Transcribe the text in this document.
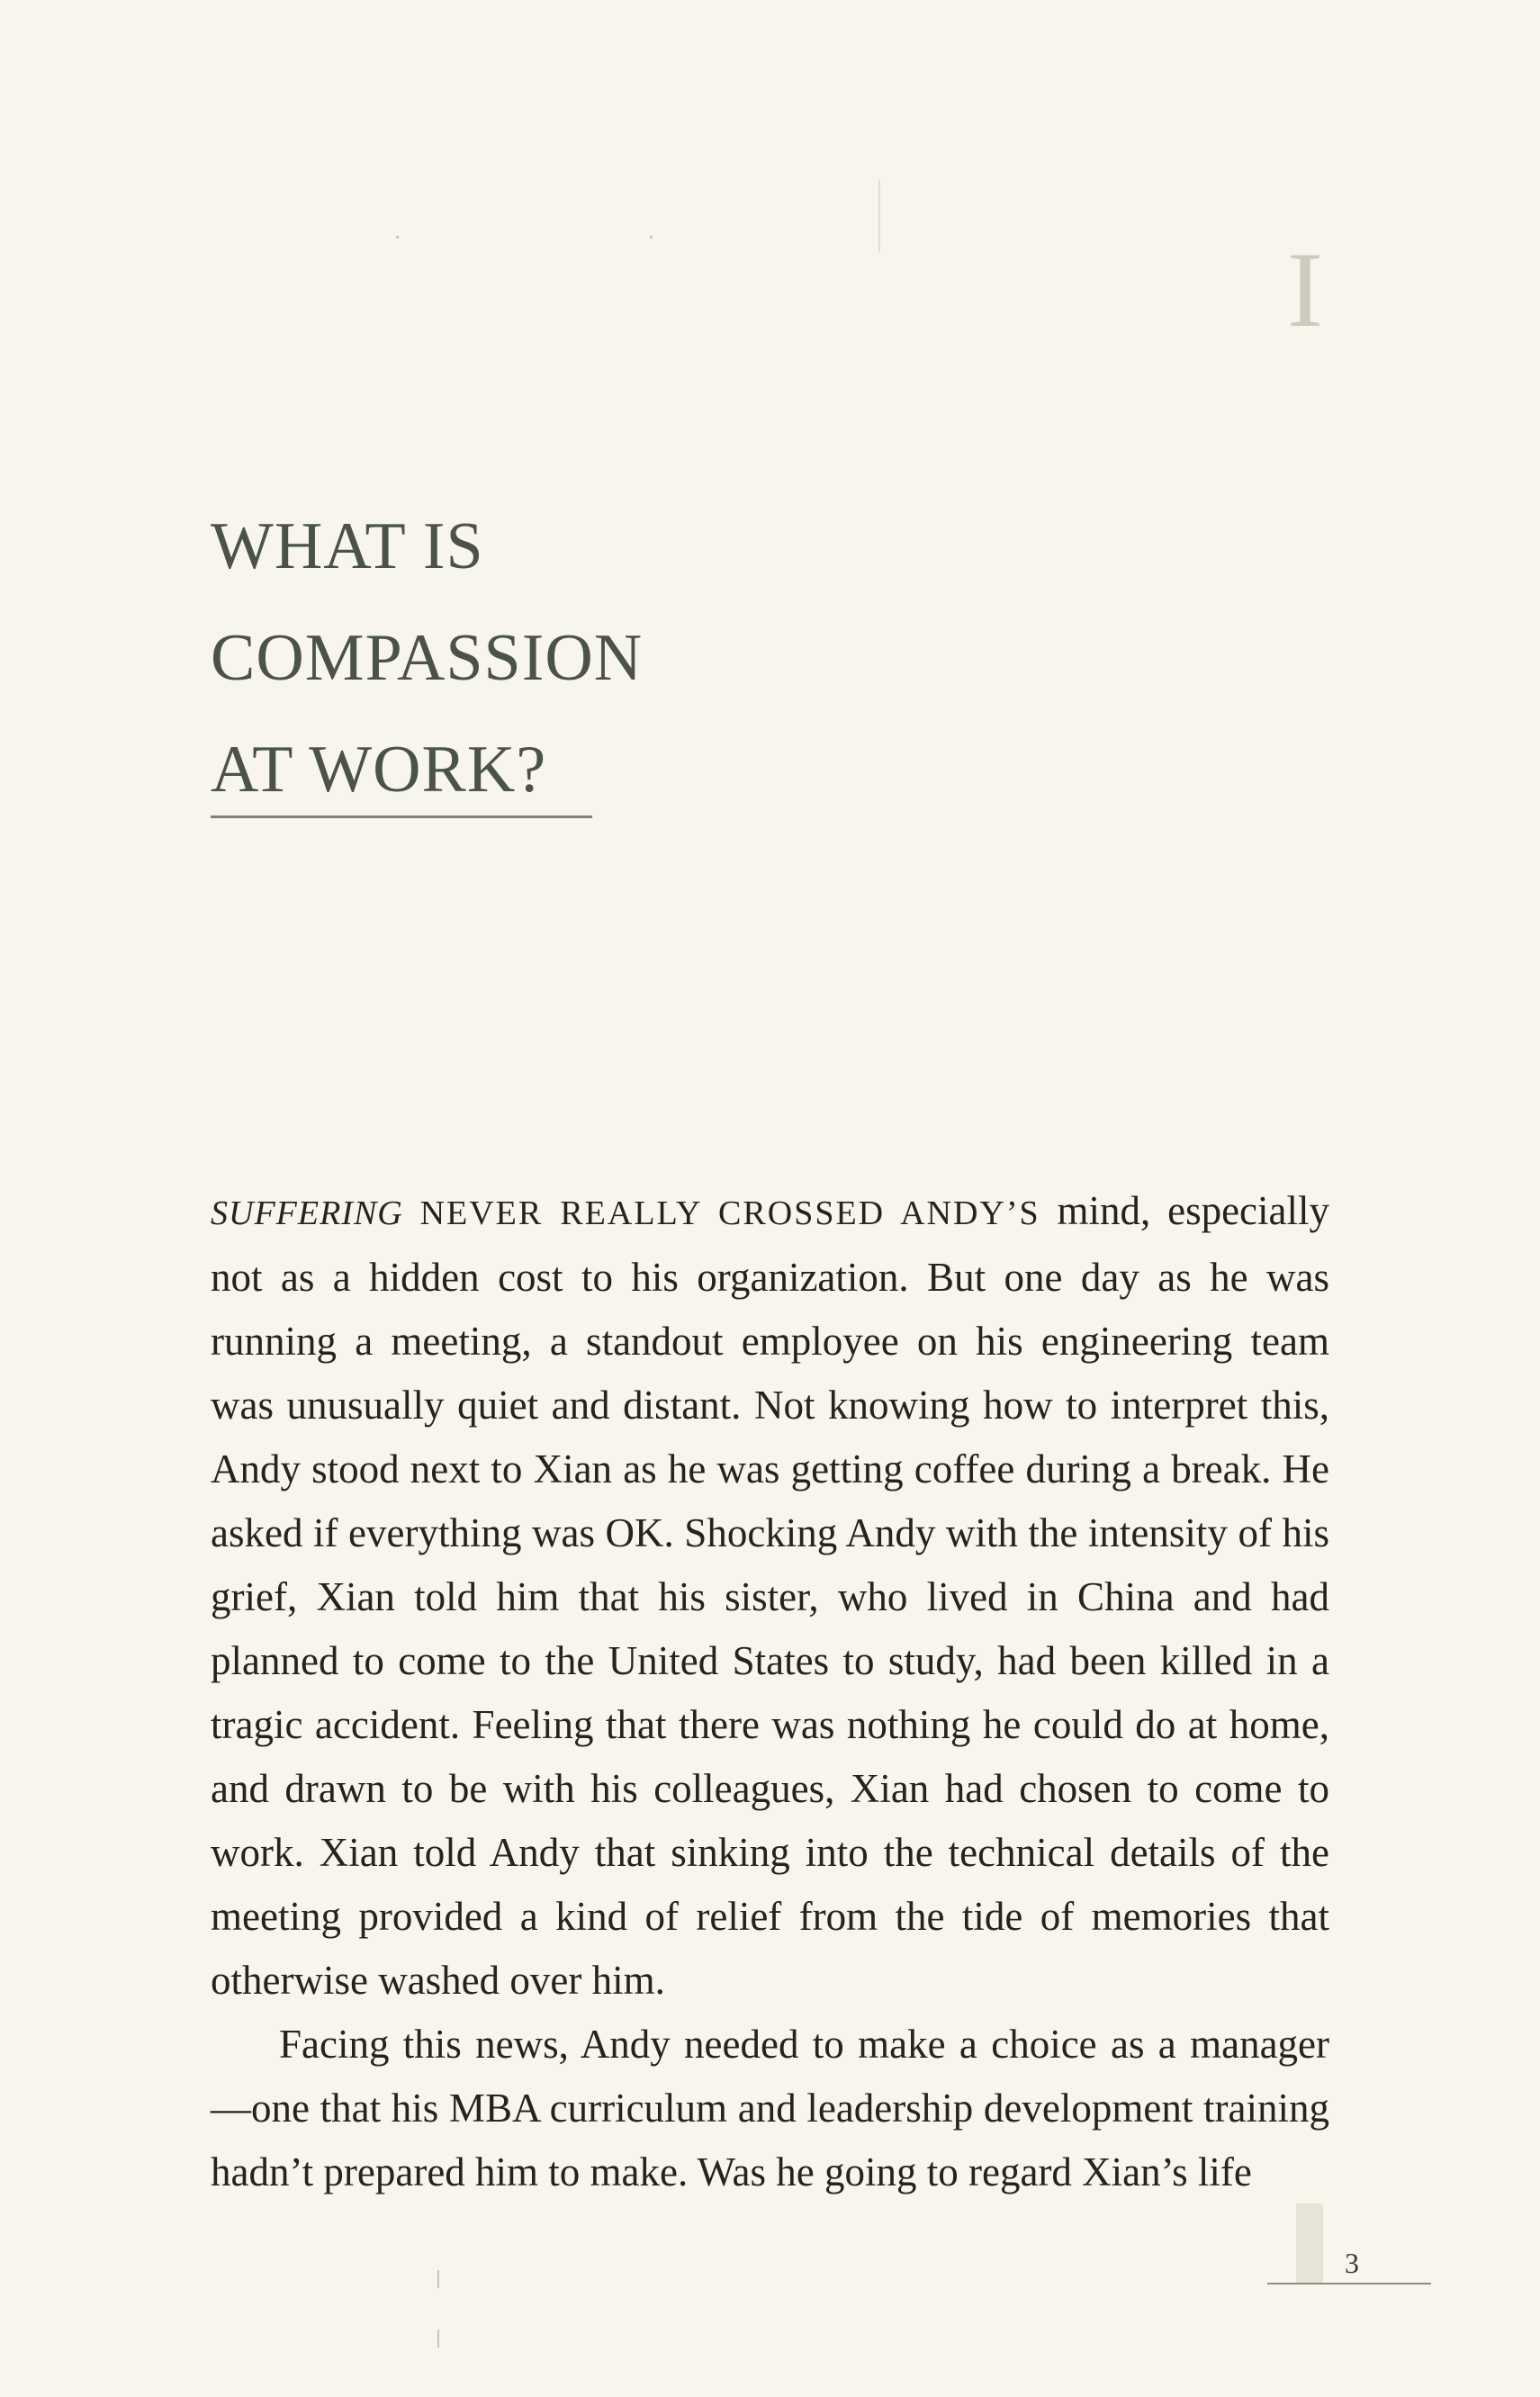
I
WHAT IS
COMPASSION
AT WORK?

SUFFERING NEVER REALLY CROSSED ANDY’S mind, especially not as a hidden cost to his organization. But one day as he was running a meeting, a standout employee on his engineering team was unusually quiet and distant. Not knowing how to interpret this, Andy stood next to Xian as he was getting coffee during a break. He asked if everything was OK. Shocking Andy with the intensity of his grief, Xian told him that his sister, who lived in China and had planned to come to the United States to study, had been killed in a tragic accident. Feeling that there was nothing he could do at home, and drawn to be with his colleagues, Xian had chosen to come to work. Xian told Andy that sinking into the technical details of the meeting provided a kind of relief from the tide of memories that otherwise washed over him.

Facing this news, Andy needed to make a choice as a manager—one that his MBA curriculum and leadership development training hadn’t prepared him to make. Was he going to regard Xian’s life

3
